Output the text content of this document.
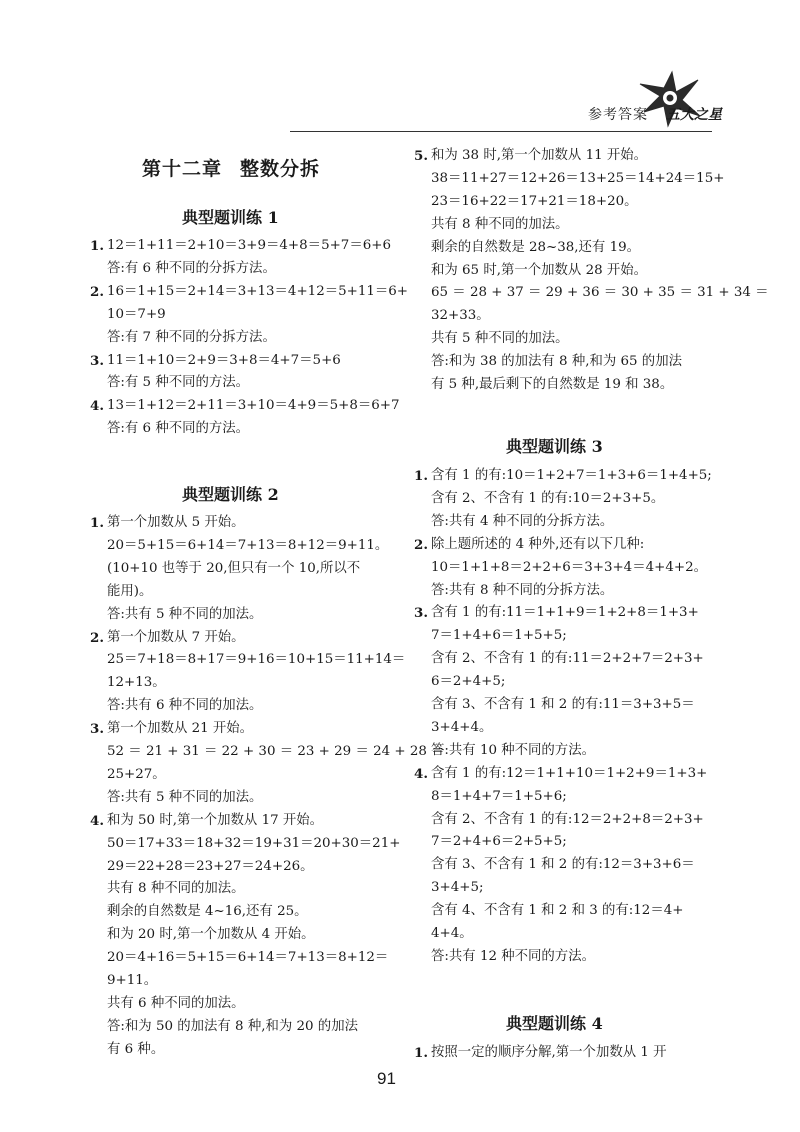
参考答案 五大之星
第十二章 整数分拆
典型题训练 1
1. 12＝1+11＝2+10＝3+9＝4+8＝5+7＝6+6
答:有 6 种不同的分拆方法。
2. 16＝1+15＝2+14＝3+13＝4+12＝5+11＝6+
10＝7+9
答:有 7 种不同的分拆方法。
3. 11＝1+10＝2+9＝3+8＝4+7＝5+6
答:有 5 种不同的方法。
4. 13＝1+12＝2+11＝3+10＝4+9＝5+8＝6+7
答:有 6 种不同的方法。
典型题训练 2
1. 第一个加数从 5 开始。
20＝5+15＝6+14＝7+13＝8+12＝9+11。
(10+10 也等于 20,但只有一个 10,所以不
能用)。
答:共有 5 种不同的加法。
2. 第一个加数从 7 开始。
25＝7+18＝8+17＝9+16＝10+15＝11+14＝
12+13。
答:共有 6 种不同的加法。
3. 第一个加数从 21 开始。
52 ＝ 21 + 31 ＝ 22 + 30 ＝ 23 + 29 ＝ 24 + 28 ＝
25+27。
答:共有 5 种不同的加法。
4. 和为 50 时,第一个加数从 17 开始。
50＝17+33＝18+32＝19+31＝20+30＝21+
29＝22+28＝23+27＝24+26。
共有 8 种不同的加法。
剩余的自然数是 4~16,还有 25。
和为 20 时,第一个加数从 4 开始。
20＝4+16＝5+15＝6+14＝7+13＝8+12＝
9+11。
共有 6 种不同的加法。
答:和为 50 的加法有 8 种,和为 20 的加法
有 6 种。
5. 和为 38 时,第一个加数从 11 开始。
38＝11+27＝12+26＝13+25＝14+24＝15+
23＝16+22＝17+21＝18+20。
共有 8 种不同的加法。
剩余的自然数是 28~38,还有 19。
和为 65 时,第一个加数从 28 开始。
65 ＝ 28 + 37 ＝ 29 + 36 ＝ 30 + 35 ＝ 31 + 34 ＝
32+33。
共有 5 种不同的加法。
答:和为 38 的加法有 8 种,和为 65 的加法
有 5 种,最后剩下的自然数是 19 和 38。
典型题训练 3
1. 含有 1 的有:10＝1+2+7＝1+3+6＝1+4+5;
含有 2、不含有 1 的有:10＝2+3+5。
答:共有 4 种不同的分拆方法。
2. 除上题所述的 4 种外,还有以下几种:
10＝1+1+8＝2+2+6＝3+3+4＝4+4+2。
答:共有 8 种不同的分拆方法。
3. 含有 1 的有:11＝1+1+9＝1+2+8＝1+3+
7＝1+4+6＝1+5+5;
含有 2、不含有 1 的有:11＝2+2+7＝2+3+
6＝2+4+5;
含有 3、不含有 1 和 2 的有:11＝3+3+5＝
3+4+4。
答:共有 10 种不同的方法。
4. 含有 1 的有:12＝1+1+10＝1+2+9＝1+3+
8＝1+4+7＝1+5+6;
含有 2、不含有 1 的有:12＝2+2+8＝2+3+
7＝2+4+6＝2+5+5;
含有 3、不含有 1 和 2 的有:12＝3+3+6＝
3+4+5;
含有 4、不含有 1 和 2 和 3 的有:12＝4+
4+4。
答:共有 12 种不同的方法。
典型题训练 4
1. 按照一定的顺序分解,第一个加数从 1 开
91
